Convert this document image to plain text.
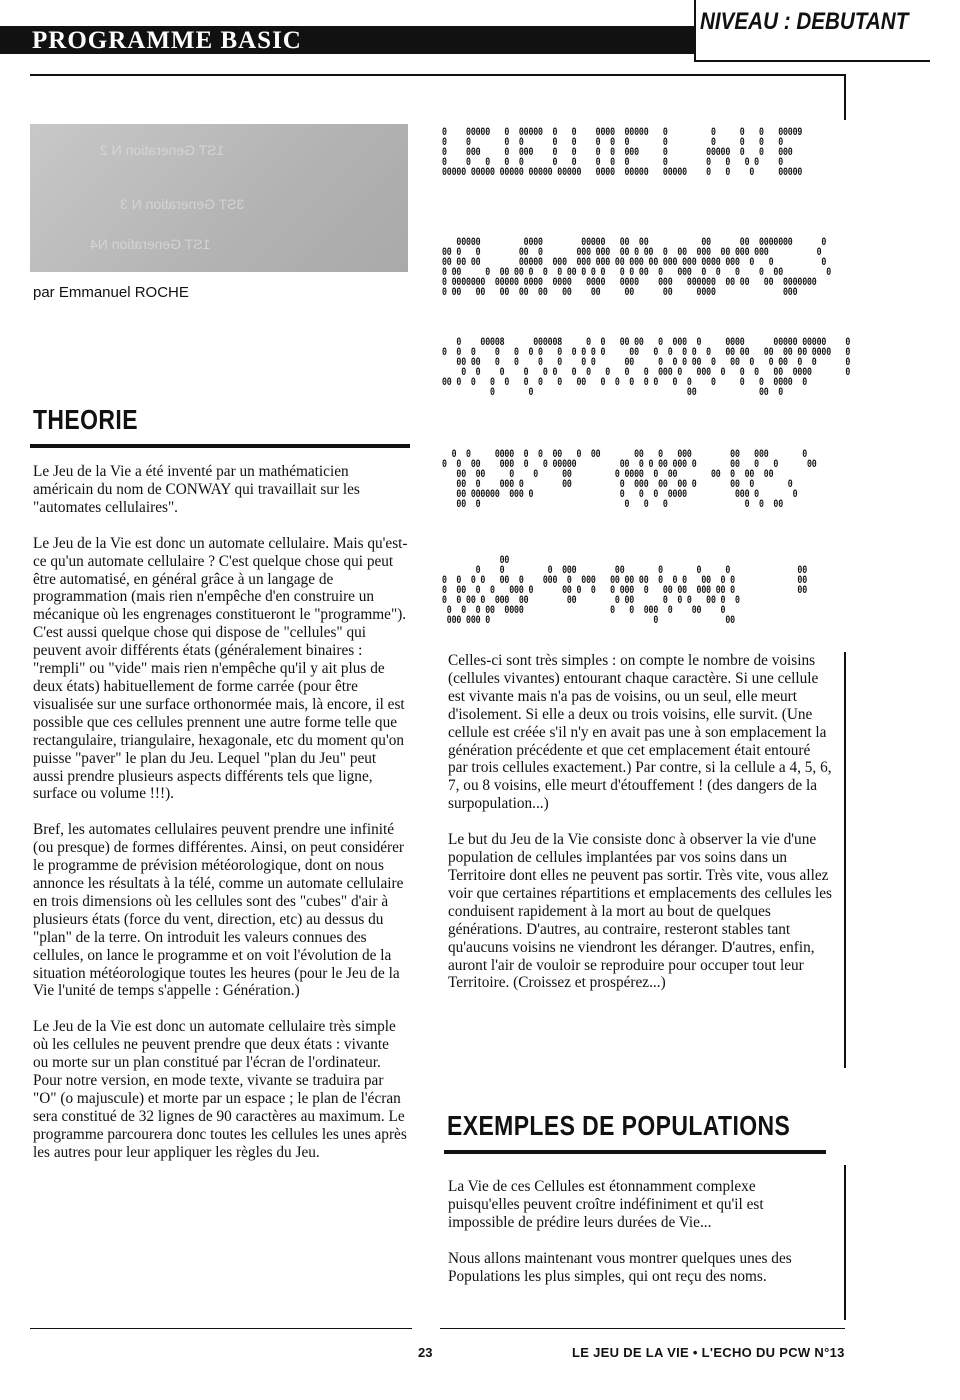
PROGRAMME BASIC
NIVEAU : DEBUTANT
1ST Generation N 2
3ST Generation N 3
1ST Generation N4
par Emmanuel ROCHE
THEORIE

Le Jeu de la Vie a été inventé par un mathématicien américain du nom de CONWAY qui travaillait sur les "automates cellulaires".

Le Jeu de la Vie est donc un automate cellulaire. Mais qu'est-ce qu'un automate cellulaire ? C'est quelque chose qui peut être automatisé, en général grâce à un langage de programmation (mais rien n'empêche d'en construire un mécanique où les engrenages constitueront le "programme"). C'est aussi quelque chose qui dispose de "cellules" qui peuvent avoir différents états (généralement binaires : "rempli" ou "vide" mais rien n'empêche qu'il y ait plus de deux états) habituellement de forme carrée (pour être visualisée sur une surface orthonormée mais, là encore, il est possible que ces cellules prennent une autre forme telle que rectangulaire, triangulaire, hexagonale, etc du moment qu'on puisse "paver" le plan du Jeu. Lequel "plan du Jeu" peut aussi prendre plusieurs aspects différents tels que ligne, surface ou volume !!!).

Bref, les automates cellulaires peuvent prendre une infinité (ou presque) de formes différentes. Ainsi, on peut considérer le programme de prévision météorologique, dont on nous annonce les résultats à la télé, comme un automate cellulaire en trois dimensions où les cellules sont des "cubes" d'air à plusieurs états (force du vent, direction, etc) au dessus du "plan" de la terre. On introduit les valeurs connues des cellules, on lance le programme et on voit l'évolution de la situation météorologique toutes les heures (pour le Jeu de la Vie l'unité de temps s'appelle : Génération.)

Le Jeu de la Vie est donc un automate cellulaire très simple où les cellules ne peuvent prendre que deux états : vivante ou morte sur un plan constitué par l'écran de l'ordinateur. Pour notre version, en mode texte, vivante se traduira par "O" (o majuscule) et morte par un espace ; le plan de l'écran sera constitué de 32 lignes de 90 caractères au maximum. Le programme parcourera donc toutes les cellules les unes après les autres pour leur appliquer les règles du Jeu.

0    00000   0  00000  0   0    0000  00000   0         0     0   0   00009
0    0       0  0      0   0    0  0  0       0         0     0   0   0
0    000     0  000    0   0    0  0  000     0        00000  0   0   000
0    0   0   0  0      0   0    0  0  0       0        0   0   0 0    0
00000 00000 00000 00000 00000   0000  00000   00000    0   0    0     00000
00000         0000        00000   00  00           00      00  0000000      0
00 0   0        00  0       000 000  00 0 00  0  00  000  00 000 000          0
00 00 00        00000  000  000 000 00 000 00 000 000 0000 000  0   0          0
0 00     0  00 00 0  0  0 00 0 0 0   0 0 00  0   000  0  0   0    0  00         0
0 0000000  00000 0000  0000   0000   0000    000   000000  00 00   00  0000000
0 00   00   00  00  00   00    00     00      00     0000              000
0    00008      000008     0  0   00 00   0  000  0     0000      00000 00000    0
0  0  0    0   0  0 0   0  0 0 0 0     00   0  0  0 0  0   00 00   00  00 00 0000   0
00 00   0   0    0   0    0 0      00     0  0 0 00  0   00  0   0 00  0  0      0
0  0    0    0   0 0   0  0   0   0   0  000 0   000  0   0  0   00  0000       0
00 0  0   0  0   0  0   0   00   0  0  0  0 0   0  0    0     0   0  0000  0
0       0                                00             00  0
0  0     0000  0  0  00   0  00       00   0   000        00   000       0
0  0  00    000  0   0 00000         00  0 0 00 000 0       00   0   0      00
00  00     0    0     00         0 0000  0  00       00  0  00  00
00  0    000 0        00          0  000  00  00 0       00  0       0
00 000000  000 0                  0   0  0  0000          000 0       0
00  0                              0   0   0                0  0  00
00
0    0         0  000        00       0       0     0              00
0  0  0 0   00  0    000  0  000   00 00 00  0  0 0   00  0 0             00
0  00  0  0   000 0      00 0  0   0 000  0   00 00  000 00 0             00
0  0 00 0  000  00        00        0 00      0  0 0   00 0  0
0  0  0 00  0000                  0   0  000  0    00    0
000 000 0                                  0              00

Celles-ci sont très simples : on compte le nombre de voisins (cellules vivantes) entourant chaque caractère. Si une cellule est vivante mais n'a pas de voisins, ou un seul, elle meurt d'isolement. Si elle a deux ou trois voisins, elle survit. (Une cellule est créée s'il n'y en avait pas une à son emplacement la génération précédente et que cet emplacement était entouré par trois cellules exactement.) Par contre, si la cellule a 4, 5, 6, 7, ou 8 voisins, elle meurt d'étouffement ! (des dangers de la surpopulation...)

Le but du Jeu de la Vie consiste donc à observer la vie d'une population de cellules implantées par vos soins dans un Territoire dont elles ne peuvent pas sortir. Très vite, vous allez voir que certaines répartitions et emplacements des cellules les conduisent rapidement à la mort au bout de quelques générations. D'autres, au contraire, resteront stables tant qu'aucuns voisins ne viendront les déranger. D'autres, enfin, auront l'air de vouloir se reproduire pour occuper tout leur Territoire. (Croissez et prospérez...)

EXEMPLES DE POPULATIONS

La Vie de ces Cellules est étonnamment complexe puisqu'elles peuvent croître indéfiniment et qu'il est impossible de prédire leurs durées de Vie...

Nous allons maintenant vous montrer quelques unes des Populations les plus simples, qui ont reçu des noms.

23	LE JEU DE LA VIE • L'ECHO DU PCW N°13
